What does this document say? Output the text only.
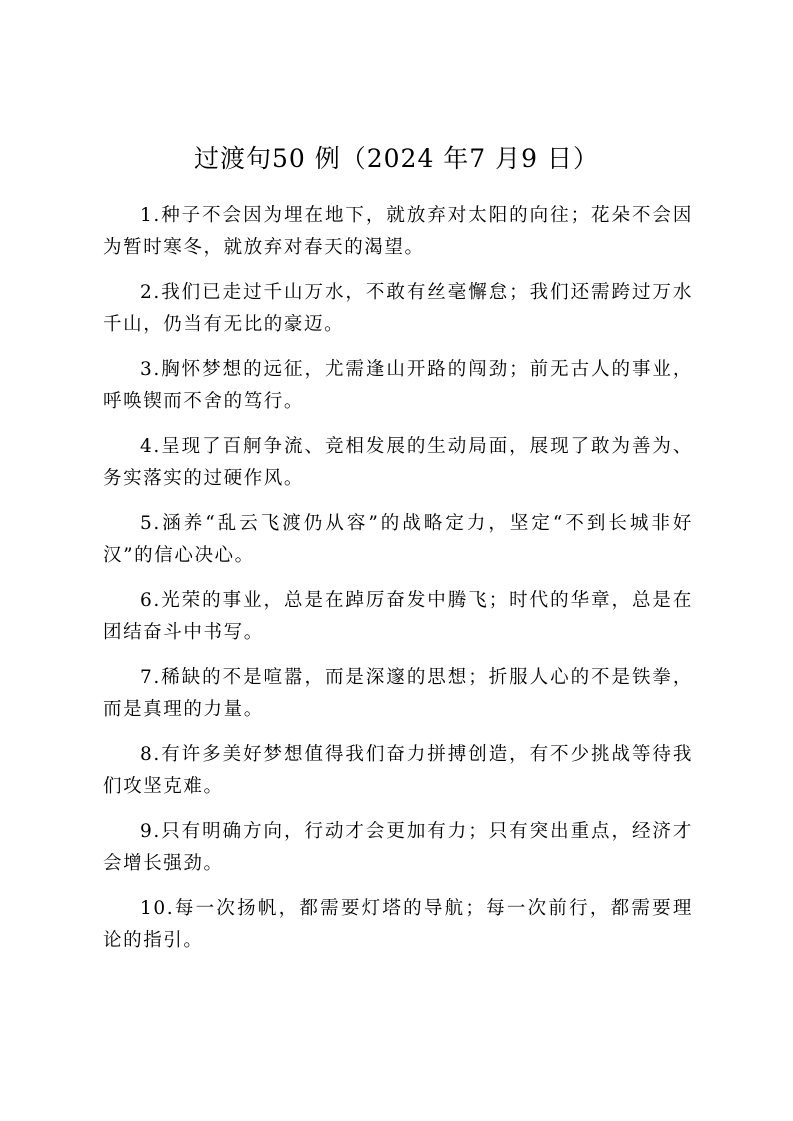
过渡句50 例（2024 年7 月9 日）

1.种子不会因为埋在地下，就放弃对太阳的向往；花朵不会因为暂时寒冬，就放弃对春天的渴望。

2.我们已走过千山万水，不敢有丝毫懈怠；我们还需跨过万水千山，仍当有无比的豪迈。

3.胸怀梦想的远征，尤需逢山开路的闯劲；前无古人的事业，呼唤锲而不舍的笃行。

4.呈现了百舸争流、竞相发展的生动局面，展现了敢为善为、务实落实的过硬作风。

5.涵养“乱云飞渡仍从容”的战略定力，坚定“不到长城非好汉”的信心决心。

6.光荣的事业，总是在踔厉奋发中腾飞；时代的华章，总是在团结奋斗中书写。

7.稀缺的不是喧嚣，而是深邃的思想；折服人心的不是铁拳，而是真理的力量。

8.有许多美好梦想值得我们奋力拼搏创造，有不少挑战等待我们攻坚克难。

9.只有明确方向，行动才会更加有力；只有突出重点，经济才会增长强劲。

10.每一次扬帆，都需要灯塔的导航；每一次前行，都需要理论的指引。
